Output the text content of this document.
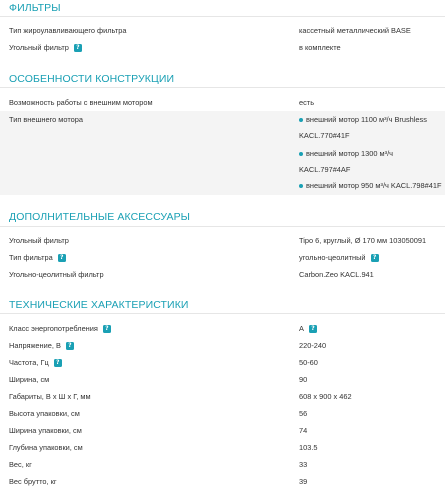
ФИЛЬТРЫ
Тип жироулавливающего фильтра	кассетный металлический BASE
Угольный фильтр ?	в комплекте
ОСОБЕННОСТИ КОНСТРУКЦИИ
Возможность работы с внешним мотором	есть
Тип внешнего мотора	внешний мотор 1100 м³/ч Brushless
KACL.770#41F
внешний мотор 1300 м³/ч
KACL.797#4AF
внешний мотор 950 м³/ч KACL.798#41F
ДОПОЛНИТЕЛЬНЫЕ АКСЕССУАРЫ
Угольный фильтр	Tipo 6, круглый, Ø 170 мм 103050091
Тип фильтра ?	угольно-цеолитный ?
Угольно-цеолитный фильтр	Carbon.Zeo KACL.941
ТЕХНИЧЕСКИЕ ХАРАКТЕРИСТИКИ
Класс энергопотребления ?	A ?
Напряжение, В ?	220-240
Частота, Гц ?	50-60
Ширина, см	90
Габариты, В х Ш х Г, мм	608 x 900 x 462
Высота упаковки, см	56
Ширина упаковки, см	74
Глубина упаковки, см	103.5
Вес, кг	33
Вес брутто, кг	39
